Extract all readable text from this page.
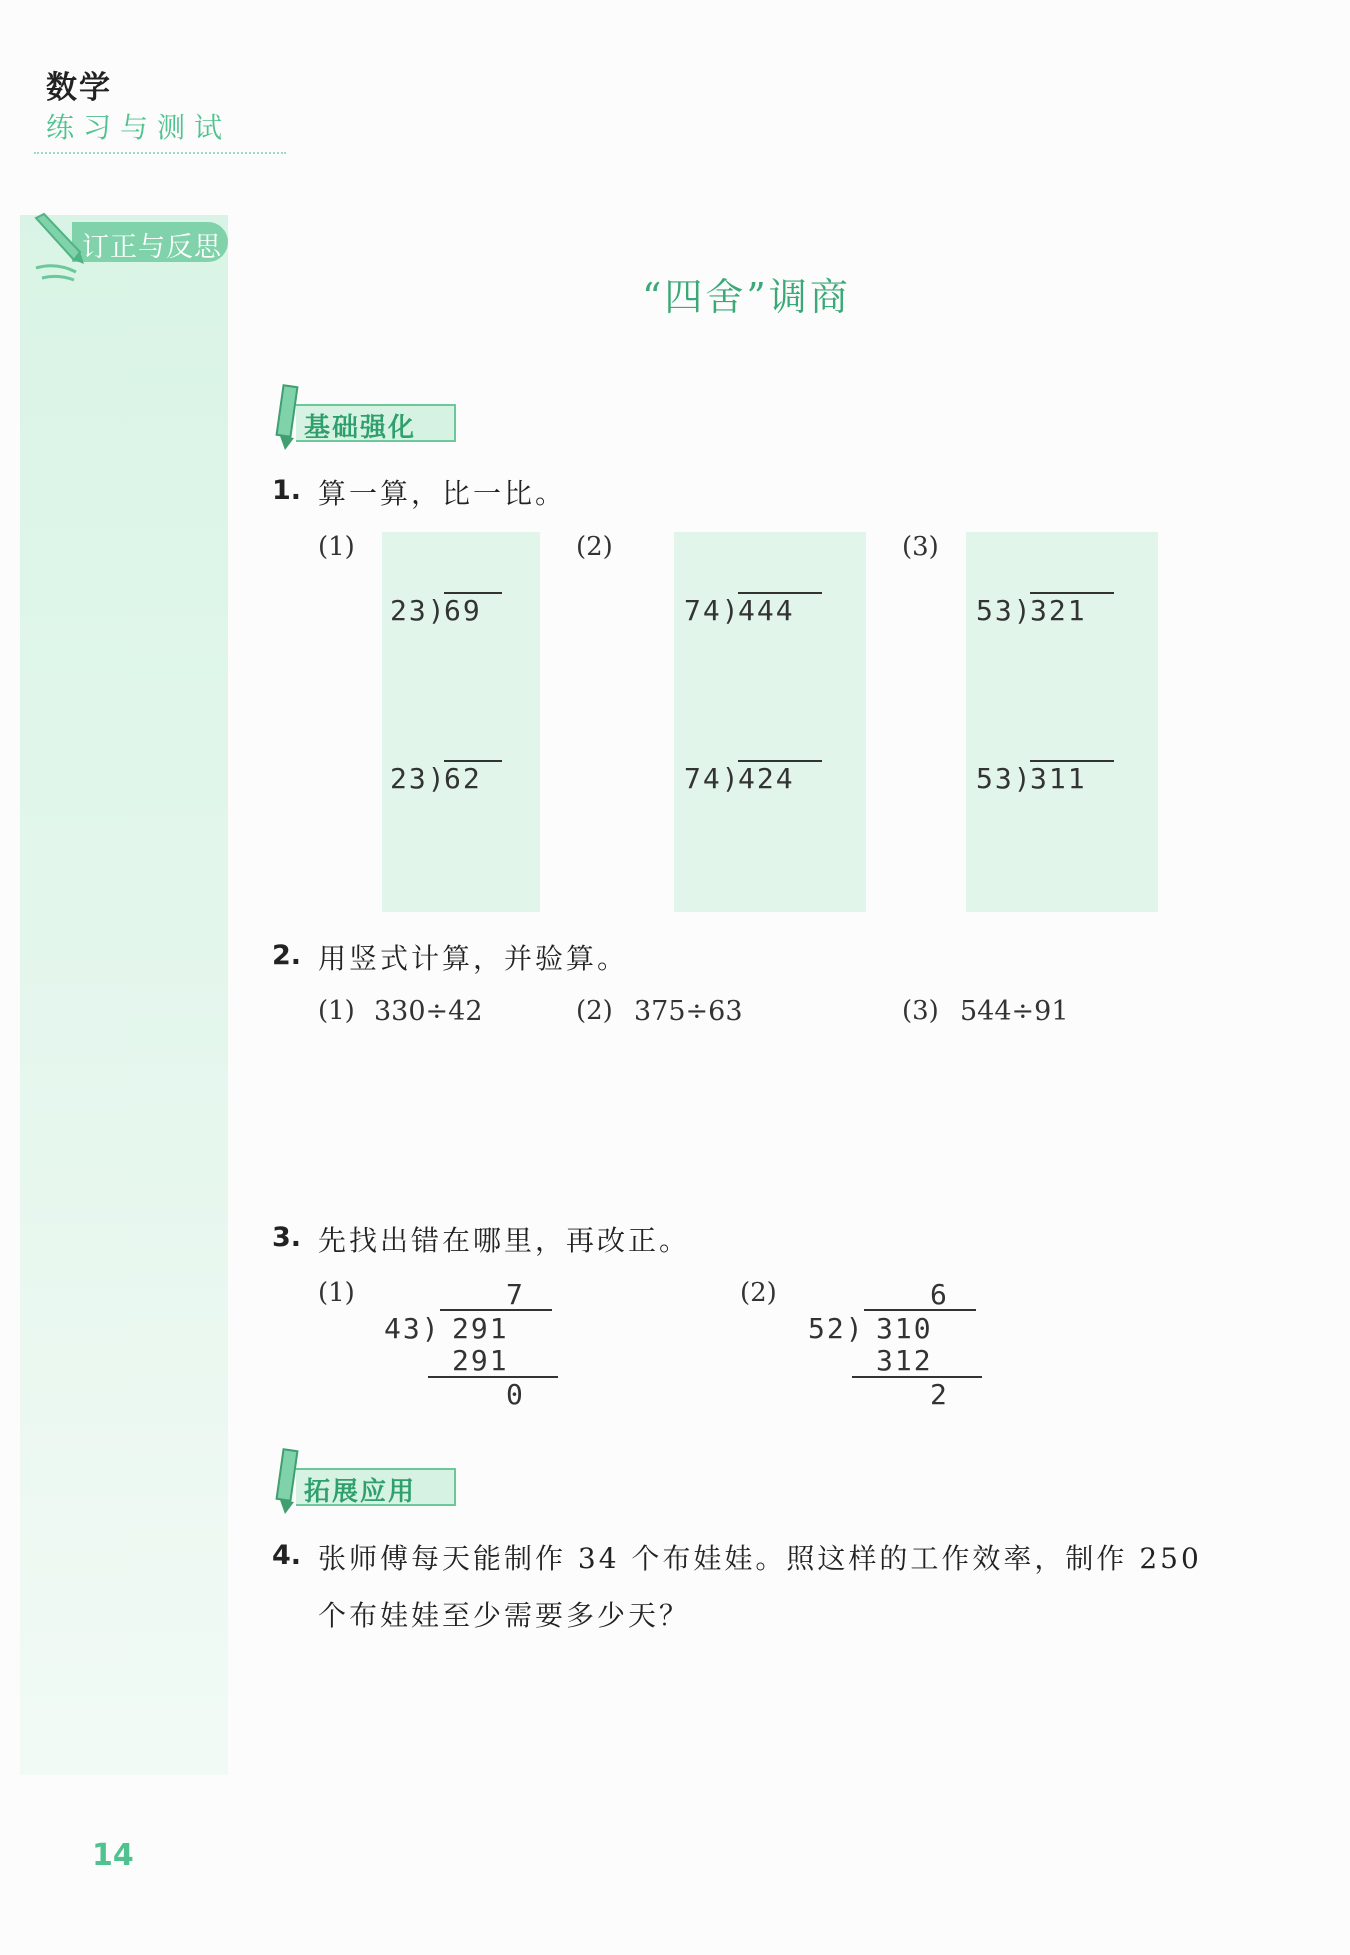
数学
练习与测试
订正与反思
“四舍”调商
基础强化
1. 算一算，比一比。
(1)	(2)	(3)
23)
69
23)
62
74)
444
74)
424
53)
321
53)
311
2. 用竖式计算，并验算。
(1) 330÷42	(2) 375÷63	(3) 544÷91
3. 先找出错在哪里，再改正。
(1)	7
43) 291
291
0
(2)	6
52) 310
312
2
拓展应用
4. 张师傅每天能制作 34 个布娃娃。照这样的工作效率，制作 250
个布娃娃至少需要多少天？
14
